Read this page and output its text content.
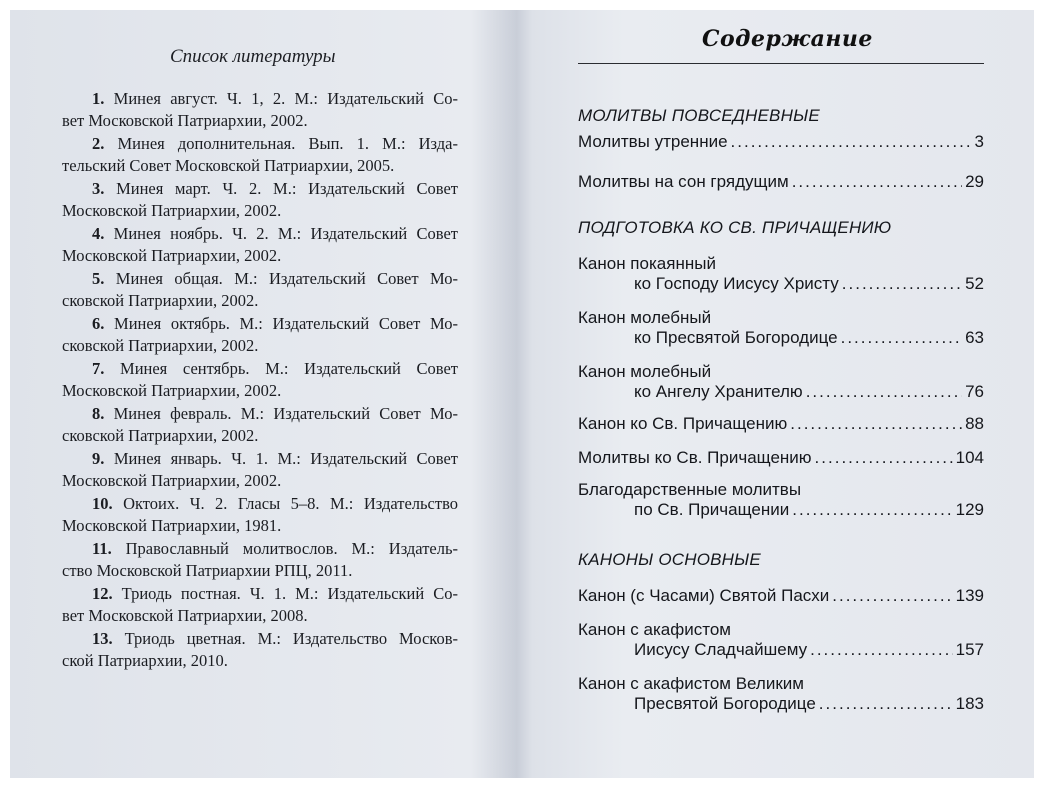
Список литературы
1. Минея август. Ч. 1, 2. М.: Издательский Со-
вет Московской Патриархии, 2002.
2. Минея дополнительная. Вып. 1. М.: Изда-
тельский Совет Московской Патриархии, 2005.
3. Минея март. Ч. 2. М.: Издательский Совет
Московской Патриархии, 2002.
4. Минея ноябрь. Ч. 2. М.: Издательский Совет
Московской Патриархии, 2002.
5. Минея общая. М.: Издательский Совет Мо-
сковской Патриархии, 2002.
6. Минея октябрь. М.: Издательский Совет Мо-
сковской Патриархии, 2002.
7. Минея сентябрь. М.: Издательский Совет
Московской Патриархии, 2002.
8. Минея февраль. М.: Издательский Совет Мо-
сковской Патриархии, 2002.
9. Минея январь. Ч. 1. М.: Издательский Совет
Московской Патриархии, 2002.
10. Октоих. Ч. 2. Гласы 5–8. М.: Издательство
Московской Патриархии, 1981.
11. Православный молитвослов. М.: Издатель-
ство Московской Патриархии РПЦ, 2011.
12. Триодь постная. Ч. 1. М.: Издательский Со-
вет Московской Патриархии, 2008.
13. Триодь цветная. М.: Издательство Москов-
ской Патриархии, 2010.
Содержание
МОЛИТВЫ ПОВСЕДНЕВНЫЕ
Молитвы утренние .....	3
Молитвы на сон грядущим .....	29
ПОДГОТОВКА КО СВ. ПРИЧАЩЕНИЮ
Канон покаянный
ко Господу Иисусу Христу .....	52
Канон молебный
ко Пресвятой Богородице .....	63
Канон молебный
ко Ангелу Хранителю .....	76
Канон ко Св. Причащению .....	88
Молитвы ко Св. Причащению .....	104
Благодарственные молитвы
по Св. Причащении .....	129
КАНОНЫ ОСНОВНЫЕ
Канон (с Часами) Святой Пасхи .....	139
Канон с акафистом
Иисусу Сладчайшему .....	157
Канон с акафистом Великим
Пресвятой Богородице .....	183
